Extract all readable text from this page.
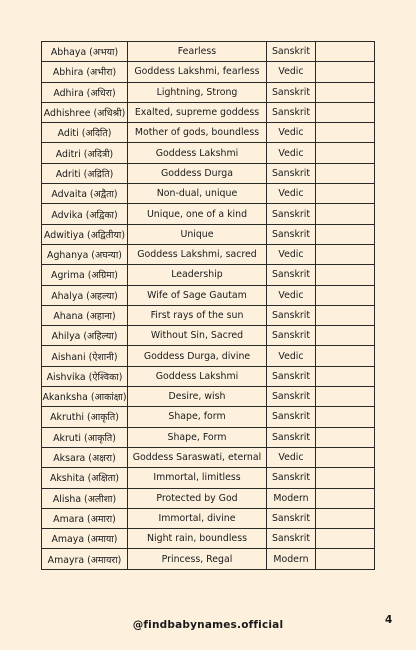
Abhaya (अभया)	Fearless	Sanskrit	
Abhira (अभीरा)	Goddess Lakshmi, fearless	Vedic	
Adhira (अधिरा)	Lightning, Strong	Sanskrit	
Adhishree (अधिश्री)	Exalted, supreme goddess	Sanskrit	
Aditi (अदिति)	Mother of gods, boundless	Vedic	
Aditri (अदित्री)	Goddess Lakshmi	Vedic	
Adriti (अद्रिति)	Goddess Durga	Sanskrit	
Advaita (अद्वैता)	Non-dual, unique	Vedic	
Advika (अद्विका)	Unique, one of a kind	Sanskrit	
Adwitiya (अद्वितीया)	Unique	Sanskrit	
Aghanya (अघन्या)	Goddess Lakshmi, sacred	Vedic	
Agrima (अग्रिमा)	Leadership	Sanskrit	
Ahalya (अहल्या)	Wife of Sage Gautam	Vedic	
Ahana (अहाना)	First rays of the sun	Sanskrit	
Ahilya (अहिल्या)	Without Sin, Sacred	Sanskrit	
Aishani (ऐशानी)	Goddess Durga, divine	Vedic	
Aishvika (ऐश्विका)	Goddess Lakshmi	Sanskrit	
Akanksha (आकांक्षा)	Desire, wish	Sanskrit	
Akruthi (आकृति)	Shape, form	Sanskrit	
Akruti (आकृति)	Shape, Form	Sanskrit	
Aksara (अक्षरा)	Goddess Saraswati, eternal	Vedic	
Akshita (अक्षिता)	Immortal, limitless	Sanskrit	
Alisha (अलीशा)	Protected by God	Modern	
Amara (अमारा)	Immortal, divine	Sanskrit	
Amaya (अमाया)	Night rain, boundless	Sanskrit	
Amayra (अमायरा)	Princess, Regal	Modern	
@findbabynames.official	4
